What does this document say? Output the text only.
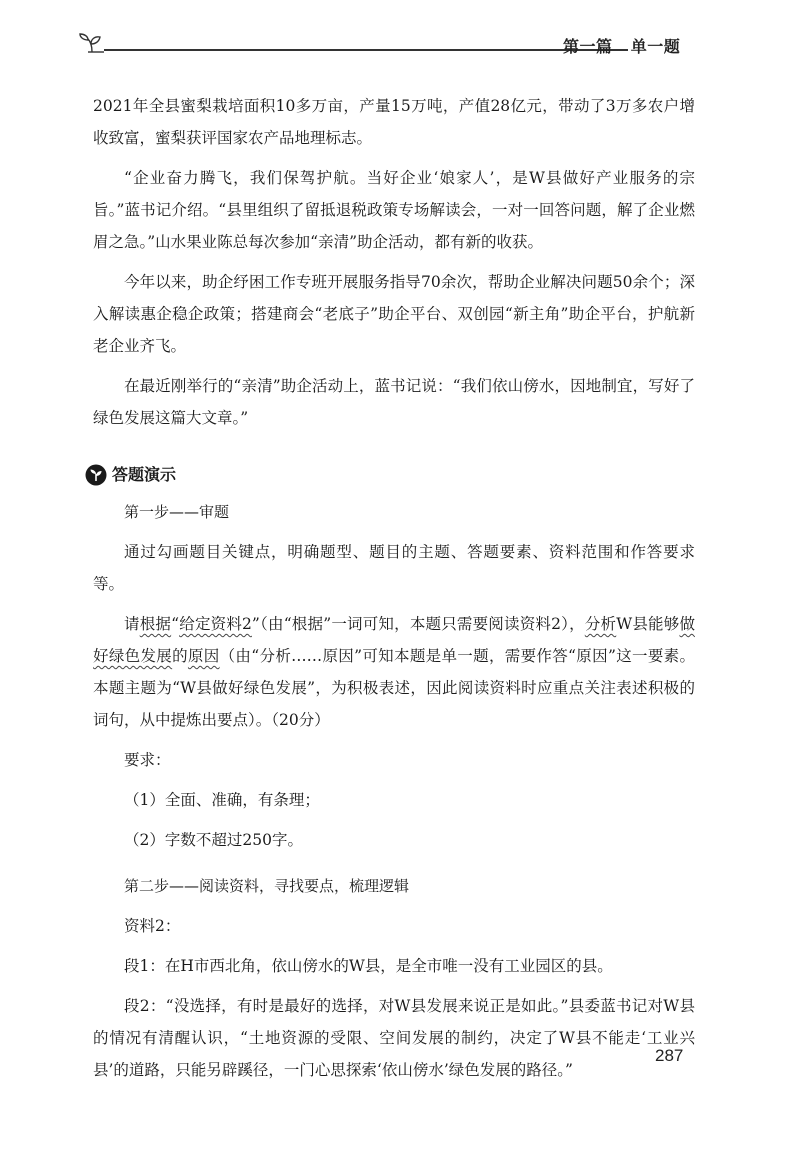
第一篇 单一题

2021年全县蜜梨栽培面积10多万亩，产量15万吨，产值28亿元，带动了3万多农户增收致富，蜜梨获评国家农产品地理标志。

“企业奋力腾飞，我们保驾护航。当好企业‘娘家人’，是W县做好产业服务的宗旨。”蓝书记介绍。“县里组织了留抵退税政策专场解读会，一对一回答问题，解了企业燃眉之急。”山水果业陈总每次参加“亲清”助企活动，都有新的收获。

今年以来，助企纾困工作专班开展服务指导70余次，帮助企业解决问题50余个；深入解读惠企稳企政策；搭建商会“老底子”助企平台、双创园“新主角”助企平台，护航新老企业齐飞。

在最近刚举行的“亲清”助企活动上，蓝书记说：“我们依山傍水，因地制宜，写好了绿色发展这篇大文章。”

答题演示

第一步——审题

通过勾画题目关键点，明确题型、题目的主题、答题要素、资料范围和作答要求等。

请根据“给定资料2”（由“根据”一词可知，本题只需要阅读资料2），分析W县能够做好绿色发展的原因（由“分析……原因”可知本题是单一题，需要作答“原因”这一要素。本题主题为“W县做好绿色发展”，为积极表述，因此阅读资料时应重点关注表述积极的词句，从中提炼出要点）。（20分）

要求：

（1）全面、准确，有条理；

（2）字数不超过250字。

第二步——阅读资料，寻找要点，梳理逻辑

资料2：

段1：在H市西北角，依山傍水的W县，是全市唯一没有工业园区的县。

段2：“没选择，有时是最好的选择，对W县发展来说正是如此。”县委蓝书记对W县的情况有清醒认识，“土地资源的受限、空间发展的制约，决定了W县不能走‘工业兴县’的道路，只能另辟蹊径，一门心思探索‘依山傍水’绿色发展的路径。”

287
